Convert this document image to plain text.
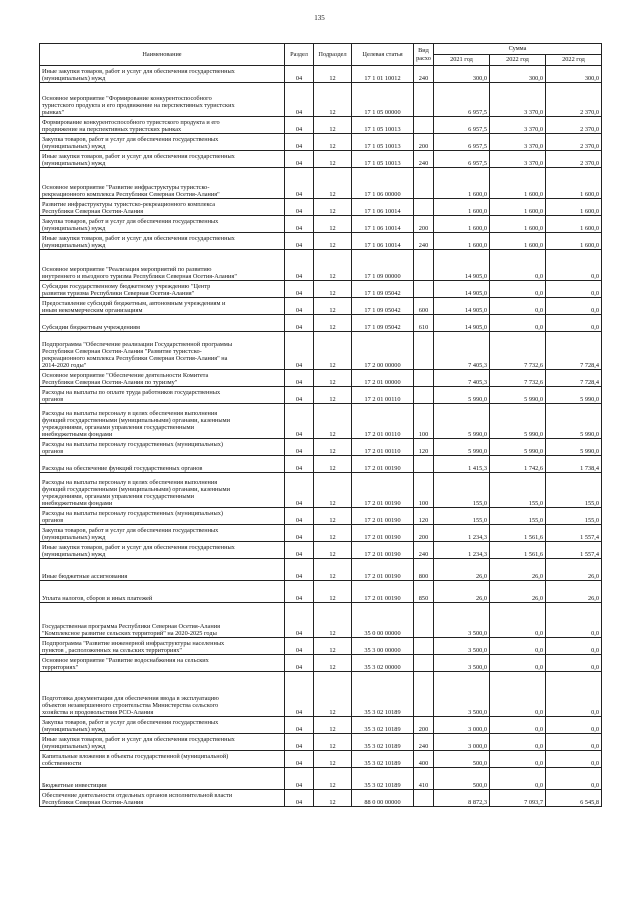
135
Наименование	Раздел	Подраздел	Целевая статья	Вид
расхо	Сумма		
					2021 год	2022 год	2022 год
Иные закупки товаров, работ и услуг для обеспечения государственных
(муниципальных) нужд	04	12	17 1 01 10012	240	300,0	300,0	300,0
Основное мероприятие "Формирование конкурентоспособного
туристского продукта и его продвижение на перспективных туристских
рынках"	04	12	17 1 05 00000		6 957,5	3 370,0	2 370,0
Формирование конкурентоспособного туристского продукта и его
продвижение на перспективных туристских рынках	04	12	17 1 05 10013		6 957,5	3 370,0	2 370,0
Закупка товаров, работ и услуг для обеспечения государственных
(муниципальных) нужд	04	12	17 1 05 10013	200	6 957,5	3 370,0	2 370,0
Иные закупки товаров, работ и услуг для обеспечения государственных
(муниципальных) нужд	04	12	17 1 05 10013	240	6 957,5	3 370,0	2 370,0
Основное мероприятие "Развитие инфраструктуры туристско-
рекреационного комплекса Республики Северная Осетия-Алания"	04	12	17 1 06 00000		1 600,0	1 600,0	1 600,0
Развитие инфраструктуры туристско-рекреационного комплекса
Республики Северная Осетия-Алания	04	12	17 1 06 10014		1 600,0	1 600,0	1 600,0
Закупка товаров, работ и услуг для обеспечения государственных
(муниципальных) нужд	04	12	17 1 06 10014	200	1 600,0	1 600,0	1 600,0
Иные закупки товаров, работ и услуг для обеспечения государственных
(муниципальных) нужд	04	12	17 1 06 10014	240	1 600,0	1 600,0	1 600,0
Основное мероприятие "Реализация мероприятий по развитию
внутреннего и въездного туризма Республики Северная Осетия-Алания"	04	12	17 1 09 00000		14 905,0	0,0	0,0
Субсидия государственному бюджетному учреждению "Центр
развития туризма Республики Северная Осетия-Алания"	04	12	17 1 09 05042		14 905,0	0,0	0,0
Предоставление субсидий бюджетным, автономным учреждениям и
иным некоммерческим организациям	04	12	17 1 09 05042	600	14 905,0	0,0	0,0
Субсидии бюджетным учреждениям	04	12	17 1 09 05042	610	14 905,0	0,0	0,0
Подпрограмма "Обеспечение реализации Государственной программы
Республики Северная Осетия-Алания "Развитие туристско-
рекреационного комплекса Республики Северная Осетия-Алания" на
2014-2020 годы"	04	12	17 2 00 00000		7 405,3	7 732,6	7 728,4
Основное мероприятие "Обеспечение деятельности Комитета
Республики Северная Осетия-Алания по туризму"	04	12	17 2 01 00000		7 405,3	7 732,6	7 728,4
Расходы на выплаты по оплате труда работников государственных
органов	04	12	17 2 01 00110		5 990,0	5 990,0	5 990,0
Расходы на выплаты персоналу в целях обеспечения выполнения
функций государственными (муниципальными) органами, казенными
учреждениями, органами управления государственными
внебюджетными фондами	04	12	17 2 01 00110	100	5 990,0	5 990,0	5 990,0
Расходы на выплаты персоналу государственных (муниципальных)
органов	04	12	17 2 01 00110	120	5 990,0	5 990,0	5 990,0
Расходы на обеспечение функций государственных органов	04	12	17 2 01 00190		1 415,3	1 742,6	1 738,4
Расходы на выплаты персоналу в целях обеспечения выполнения
функций государственными (муниципальными) органами, казенными
учреждениями, органами управления государственными
внебюджетными фондами	04	12	17 2 01 00190	100	155,0	155,0	155,0
Расходы на выплаты персоналу государственных (муниципальных)
органов	04	12	17 2 01 00190	120	155,0	155,0	155,0
Закупка товаров, работ и услуг для обеспечения государственных
(муниципальных) нужд	04	12	17 2 01 00190	200	1 234,3	1 561,6	1 557,4
Иные закупки товаров, работ и услуг для обеспечения государственных
(муниципальных) нужд	04	12	17 2 01 00190	240	1 234,3	1 561,6	1 557,4
Иные бюджетные ассигнования	04	12	17 2 01 00190	800	26,0	26,0	26,0
Уплата налогов, сборов и иных платежей	04	12	17 2 01 00190	850	26,0	26,0	26,0
Государственная программа Республики Северная Осетия-Алания
"Комплексное развитие сельских территорий" на 2020-2025 годы	04	12	35 0 00 00000		3 500,0	0,0	0,0
Подпрограмма "Развитие инженерной инфраструктуры населенных
пунктов , расположенных на сельских территориях"	04	12	35 3 00 00000		3 500,0	0,0	0,0
Основное мероприятие "Развитие водоснабжения на сельских
территориях"	04	12	35 3 02 00000		3 500,0	0,0	0,0
Подготовка документации для обеспечения ввода в эксплуатацию
объектов незавершенного строительства Министерства сельского
хозяйства и продовольствия РСО-Алания	04	12	35 3 02 10189		3 500,0	0,0	0,0
Закупка товаров, работ и услуг для обеспечения государственных
(муниципальных) нужд	04	12	35 3 02 10189	200	3 000,0	0,0	0,0
Иные закупки товаров, работ и услуг для обеспечения государственных
(муниципальных) нужд	04	12	35 3 02 10189	240	3 000,0	0,0	0,0
Капитальные вложения в объекты государственной (муниципальной)
собственности	04	12	35 3 02 10189	400	500,0	0,0	0,0
Бюджетные инвестиции	04	12	35 3 02 10189	410	500,0	0,0	0,0
Обеспечение деятельности отдельных органов исполнительной власти
Республики Северная Осетия-Алания	04	12	88 0 00 00000		8 872,3	7 093,7	6 545,8
